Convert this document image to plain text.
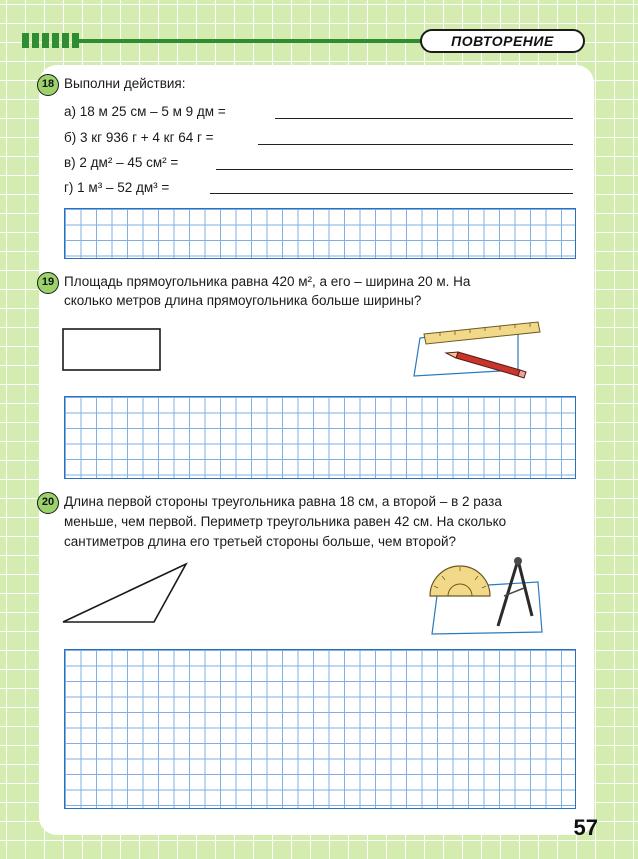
ПОВТОРЕНИЕ
18 Выполни действия:
а) 18 м 25 см – 5 м 9 дм =
б) 3 кг 936 г + 4 кг 64 г =
в) 2 дм² – 45 см² =
г) 1 м³ – 52 дм³ =
19 Площадь прямоугольника равна 420 м², а его – ширина 20 м. На
сколько метров длина прямоугольника больше ширины?
20 Длина первой стороны треугольника равна 18 см, а второй – в 2 раза
меньше, чем первой. Периметр треугольника равен 42 см. На сколько
сантиметров длина его третьей стороны больше, чем второй?
57
